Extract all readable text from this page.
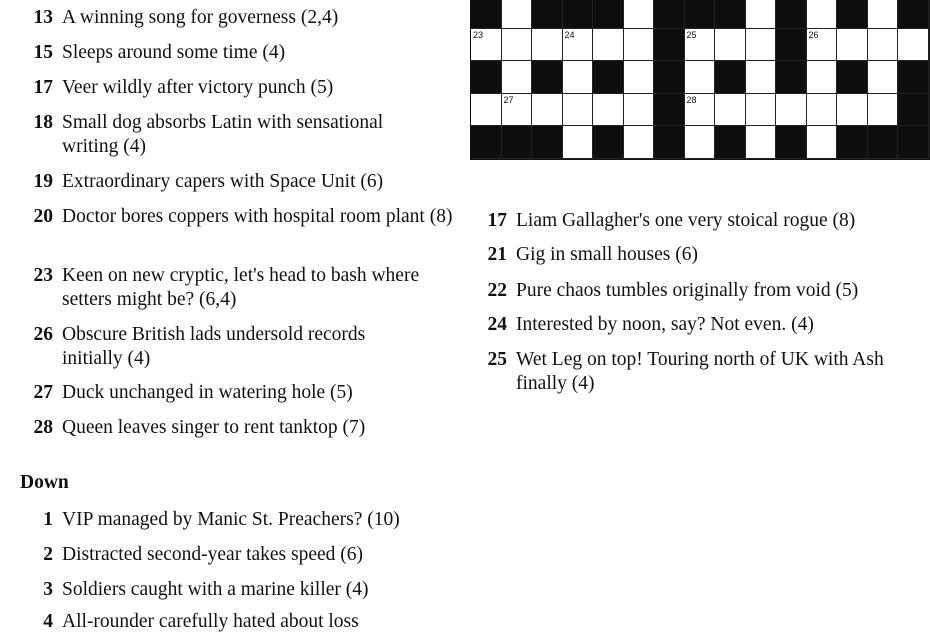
23	24	25	26
27	28
13 A winning song for governess (2,4)
15 Sleeps around some time (4)
17 Veer wildly after victory punch (5)
18 Small dog absorbs Latin with sensational writing (4)
19 Extraordinary capers with Space Unit (6)
20 Doctor bores coppers with hospital room plant (8)
23 Keen on new cryptic, let's head to bash where setters might be? (6,4)
26 Obscure British lads undersold records initially (4)
27 Duck unchanged in watering hole (5)
28 Queen leaves singer to rent tanktop (7)
Down
1 VIP managed by Manic St. Preachers? (10)
2 Distracted second-year takes speed (6)
3 Soldiers caught with a marine killer (4)
4 All-rounder carefully hated about loss
17 Liam Gallagher's one very stoical rogue (8)
21 Gig in small houses (6)
22 Pure chaos tumbles originally from void (5)
24 Interested by noon, say? Not even. (4)
25 Wet Leg on top! Touring north of UK with Ash finally (4)
